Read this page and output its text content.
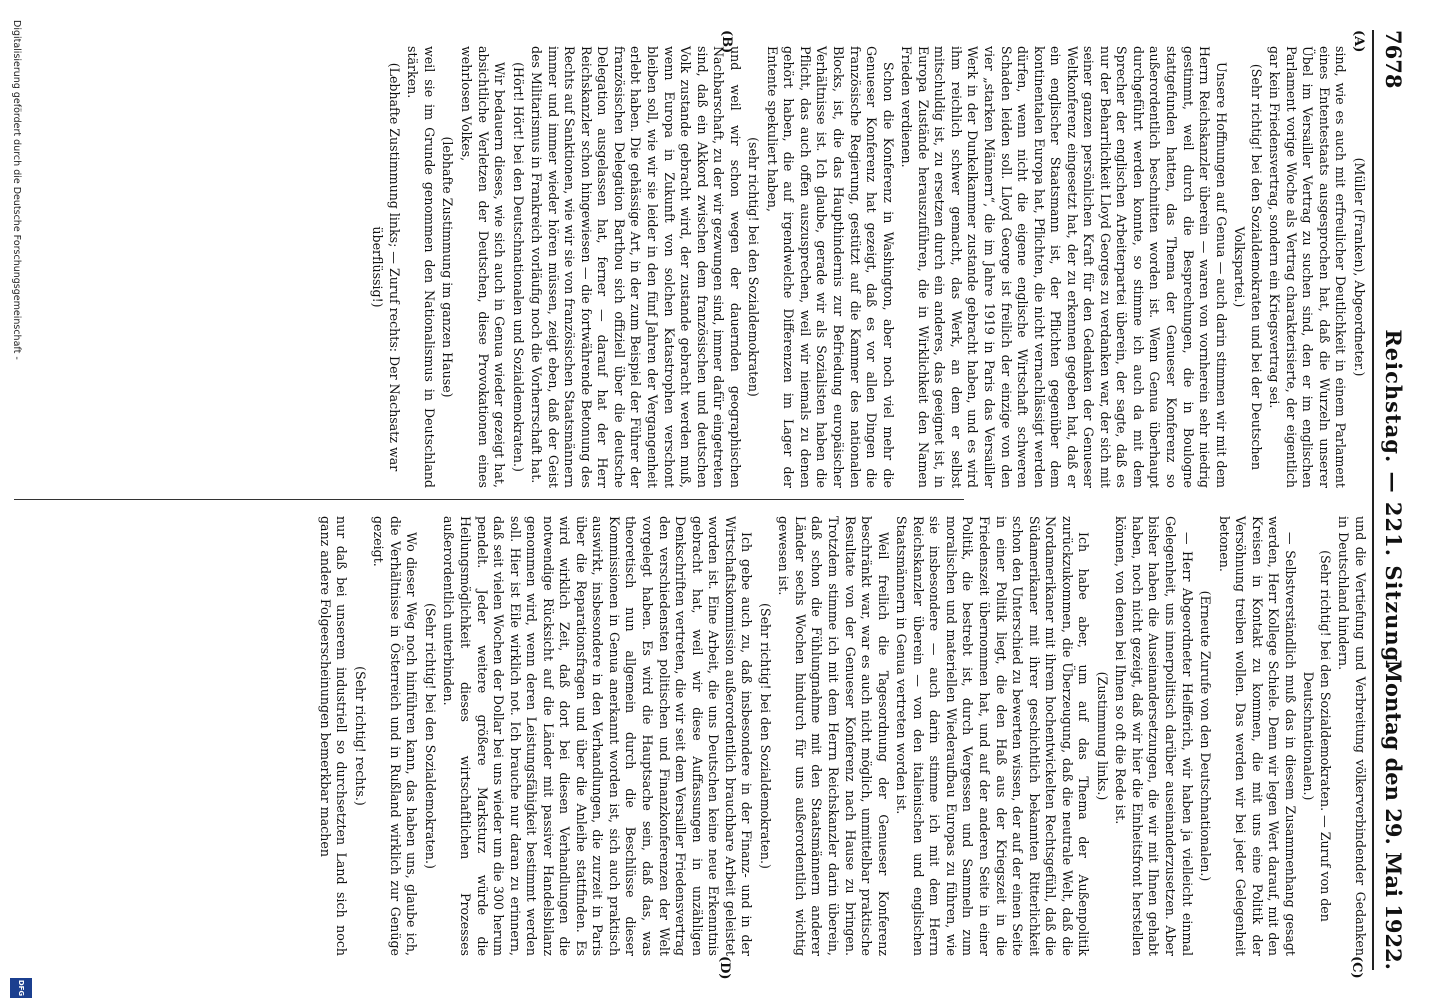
7678
Reichstag. — 221. Sitzung.
Montag den 29. Mai 1922.
(A)
(B)
(C)
(D)

(Müller (Franken), Abgeordneter.)

sind, wie es auch mit erfreulicher Deutlichkeit in einem Parlament eines Ententestaats ausgesprochen hat, daß die Wurzeln unserer Übel im Versailler Vertrag zu suchen sind, den er im englischen Parlament vorige Woche als Vertrag charakterisierte, der eigentlich gar kein Friedensvertrag, sondern ein Kriegsvertrag sei.

(Sehr richtig! bei den Sozialdemokraten und bei der Deutschen Volkspartei.)

Unsere Hoffnungen auf Genua — auch darin stimmen wir mit dem Herrn Reichskanzler überein — waren von vornherein sehr niedrig gestimmt, weil durch die Besprechungen, die in Boulogne stattgefunden hatten, das Thema der Genueser Konferenz so außerordentlich beschnitten worden ist. Wenn Genua überhaupt durchgeführt werden konnte, so stimme ich auch da mit dem Sprecher der englischen Arbeiterpartei überein, der sagte, daß es nur der Beharrlichkeit Lloyd Georges zu verdanken war, der sich mit seiner ganzen persönlichen Kraft für den Gedanken der Genueser Weltkonferenz eingesetzt hat, der zu erkennen gegeben hat, daß er ein englischer Staatsmann ist, der Pflichten gegenüber dem kontinentalen Europa hat, Pflichten, die nicht vernachlässigt werden dürfen, wenn nicht die eigene englische Wirtschaft schweren Schaden leiden soll. Lloyd George ist freilich der einzige von den vier „starken Männern“, die im Jahre 1919 in Paris das Versailler Werk in der Dunkelkammer zustande gebracht haben, und es wird ihm reichlich schwer gemacht, das Werk, an dem er selbst mitschuldig ist, zu ersetzen durch ein anderes, das geeignet ist, in Europa Zustände herauszuführen, die in Wirklichkeit den Namen Frieden verdienen.

Schon die Konferenz in Washington, aber noch viel mehr die Genueser Konferenz hat gezeigt, daß es vor allen Dingen die französische Regierung, gestützt auf die Kammer des nationalen Blocks, ist, die das Haupthindernis zur Befriedung europäischer Verhältnisse ist. Ich glaube, gerade wir als Sozialisten haben die Pflicht, das auch offen auszusprechen, weil wir niemals zu denen gehört haben, die auf irgendwelche Differenzen im Lager der Entente spekuliert haben,

(sehr richtig! bei den Sozialdemokraten)

und weil wir schon wegen der dauernden geographischen Nachbarschaft, zu der wir gezwungen sind, immer dafür eingetreten sind, daß ein Akkord zwischen dem französischen und deutschen Volk zustande gebracht wird, der zustande gebracht werden muß, wenn Europa in Zukunft von solchen Katastrophen verschont bleiben soll, wie wir sie leider in den fünf Jahren der Vergangenheit erlebt haben. Die gehässige Art, in der zum Beispiel der Führer der französischen Delegation Barthou sich offiziell über die deutsche Delegation ausgelassen hat, ferner — darauf hat der Herr Reichskanzler schon hingewiesen — die fortwährende Betonung des Rechts auf Sanktionen, wie wir sie von französischen Staatsmännern immer und immer wieder hören müssen, zeigt eben, daß der Geist des Militarismus in Frankreich vorläufig noch die Vorherrschaft hat.

(Hört! Hört! bei den Deutschnationalen und Sozialdemokraten.)

Wir bedauern dieses, wie sich auch in Genua wieder gezeigt hat, absichtliche Verletzen der Deutschen, diese Provokationen eines wehrlosen Volkes,

(lebhafte Zustimmung im ganzen Hause)

weil sie im Grunde genommen den Nationalismus in Deutschland stärken.

(Lebhafte Zustimmung links; — Zuruf rechts: Der Nachsatz war überflüssig!)

und die Vertiefung und Verbreitung völkerverbindender Gedanken in Deutschland hindern.

(Sehr richtig! bei den Sozialdemokraten. — Zuruf von den Deutschnationalen.)

— Selbstverständlich muß das in diesem Zusammenhang gesagt werden, Herr Kollege Schiele. Denn wir legen Wert darauf, mit den Kreisen in Kontakt zu kommen, die mit uns eine Politik der Versöhnung treiben wollen. Das werden wir bei jeder Gelegenheit betonen.

(Erneute Zurufe von den Deutschnationalen.)

— Herr Abgeordneter Helfferich, wir haben ja vielleicht einmal Gelegenheit, uns innerpolitisch darüber auseinanderzusetzen. Aber bisher haben die Auseinandersetzungen, die wir mit Ihnen gehabt haben, noch nicht gezeigt, daß wir hier die Einheitsfront herstellen können, von denen bei Ihnen so oft die Rede ist.

(Zustimmung links.)

Ich habe aber, um auf das Thema der Außenpolitik zurückzukommen, die Überzeugung, daß die neutrale Welt, daß die Nordamerikaner mit ihrem hochentwickelten Rechtsgefühl, daß die Südamerikaner mit ihrer geschichtlich bekannten Ritterlichkeit schon den Unterschied zu bewerten wissen, der auf der einen Seite in einer Politik liegt, die den Haß aus der Kriegszeit in die Friedenszeit übernommen hat, und auf der anderen Seite in einer Politik, die bestrebt ist, durch Vergessen und Sammeln zum moralischen und materiellen Wiederaufbau Europas zu führen, wie sie insbesondere — auch darin stimme ich mit dem Herrn Reichskanzler überein — von den italienischen und englischen Staatsmännern in Genua vertreten worden ist.

Weil freilich die Tagesordnung der Genueser Konferenz beschränkt war, war es auch nicht möglich, unmittelbar praktische Resultate von der Genueser Konferenz nach Hause zu bringen. Trotzdem stimme ich mit dem Herrn Reichskanzler darin überein, daß schon die Fühlungnahme mit den Staatsmännern anderer Länder sechs Wochen hindurch für uns außerordentlich wichtig gewesen ist.

(Sehr richtig! bei den Sozialdemokraten.)

Ich gebe auch zu, daß insbesondere in der Finanz- und in der Wirtschaftskommission außerordentlich brauchbare Arbeit geleistet worden ist. Eine Arbeit, die uns Deutschen keine neue Erkenntnis gebracht hat, weil wir diese Auffassungen in unzähligen Denkschriften vertreten, die wir seit dem Versailler Friedensvertrag den verschiedensten politischen und Finanzkonferenzen der Welt vorgelegt haben. Es wird die Hauptsache sein, daß das, was theoretisch nun allgemein durch die Beschlüsse dieser Kommissionen in Genua anerkannt worden ist, sich auch praktisch auswirkt, insbesondere in den Verhandlungen, die zurzeit in Paris über die Reparationsfragen und über die Anleihe stattfinden. Es wird wirklich Zeit, daß dort bei diesen Verhandlungen die notwendige Rücksicht auf die Länder mit passiver Handelsbilanz genommen wird, wenn deren Leistungsfähigkeit bestimmt werden soll. Hier ist Eile wirklich not. Ich brauche nur daran zu erinnern, daß seit vielen Wochen der Dollar bei uns wieder um die 300 herum pendelt. Jeder weitere größere Marksturz würde die Heilungsmöglichkeit dieses wirtschaftlichen Prozesses außerordentlich unterbinden.

(Sehr richtig! bei den Sozialdemokraten.)

Wo dieser Weg noch hinführen kann, das haben uns, glaube ich, die Verhältnisse in Österreich und in Rußland wirklich zur Genüge gezeigt.

(Sehr richtig! rechts.)

nur daß bei unserem industriell so durchsetzten Land sich noch ganz andere Folgeerscheinungen bemerkbar machen

Digitalisierung gefördert durch die Deutsche Forschungsgemeinschaft -
DFG
